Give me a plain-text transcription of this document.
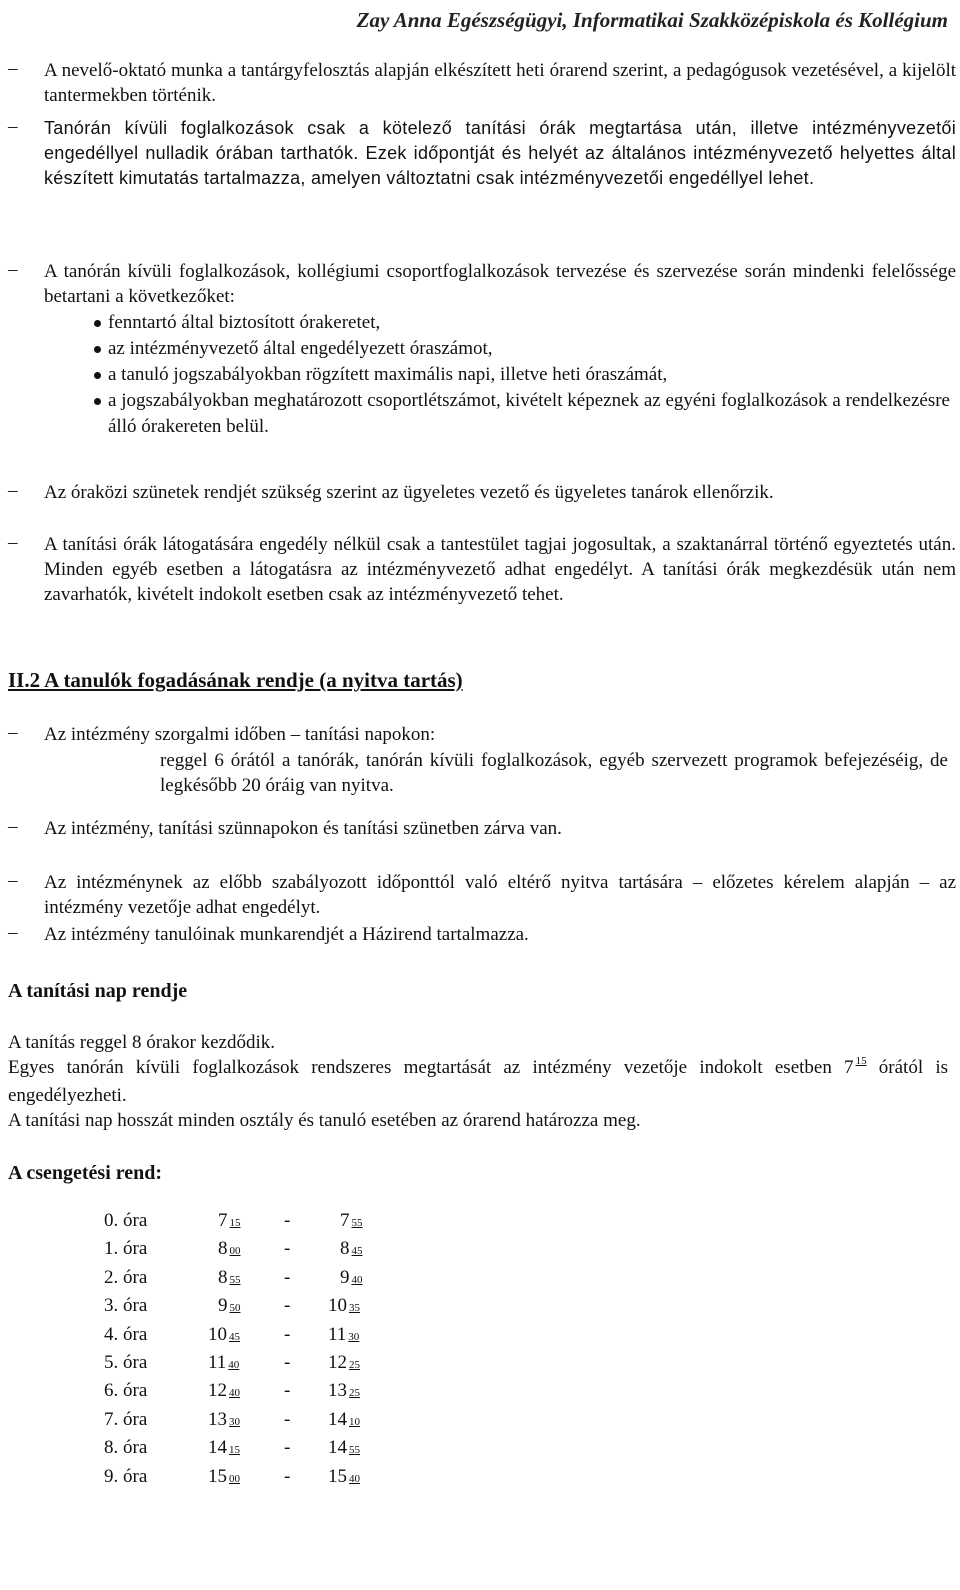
Zay Anna Egészségügyi, Informatikai Szakközépiskola és Kollégium
–	A nevelő-oktató munka a tantárgyfelosztás alapján elkészített heti órarend szerint, a pedagógusok vezetésével, a kijelölt tantermekben történik.
–	Tanórán kívüli foglalkozások csak a kötelező tanítási órák megtartása után, illetve intézményvezetői engedéllyel nulladik órában tarthatók. Ezek időpontját és helyét az általános intézményvezető helyettes által készített kimutatás tartalmazza, amelyen változtatni csak intézményvezetői engedéllyel lehet.
–	A tanórán kívüli foglalkozások, kollégiumi csoportfoglalkozások tervezése és szervezése során mindenki felelőssége betartani a következőket:
fenntartó által biztosított órakeretet,
az intézményvezető által engedélyezett óraszámot,
a tanuló jogszabályokban rögzített maximális napi, illetve heti óraszámát,
a jogszabályokban meghatározott csoportlétszámot, kivételt képeznek az egyéni foglalkozások a rendelkezésre álló órakereten belül.
–	Az óraközi szünetek rendjét szükség szerint az ügyeletes vezető és ügyeletes tanárok ellenőrzik.
–	A tanítási órák látogatására engedély nélkül csak a tantestület tagjai jogosultak, a szaktanárral történő egyeztetés után. Minden egyéb esetben a látogatásra az intézményvezető adhat engedélyt. A tanítási órák megkezdésük után nem zavarhatók, kivételt indokolt esetben csak az intézményvezető tehet.
II.2 A tanulók fogadásának rendje (a nyitva tartás)
–	Az intézmény szorgalmi időben – tanítási napokon:
reggel 6 órától a tanórák, tanórán kívüli foglalkozások, egyéb szervezett programok befejezéséig, de legkésőbb 20 óráig van nyitva.
–	Az intézmény, tanítási szünnapokon és tanítási szünetben zárva van.
–	Az intézménynek az előbb szabályozott időponttól való eltérő nyitva tartására – előzetes kérelem alapján – az intézmény vezetője adhat engedélyt.
–	Az intézmény tanulóinak munkarendjét a Házirend tartalmazza.
A tanítási nap rendje
A tanítás reggel 8 órakor kezdődik.
Egyes tanórán kívüli foglalkozások rendszeres megtartását az intézmény vezetője indokolt esetben 7 $^{15}$ órától is engedélyezheti.
A tanítási nap hosszát minden osztály és tanuló esetében az órarend határozza meg.
A csengetési rend:
0. óra	7 15 -	7 55
1. óra	8 00 -	8 45
2. óra	8 55 -	9 40
3. óra	9 50 - 10 35
4. óra	10 45 - 11 30
5. óra	11 40 - 12 25
6. óra	12 40 - 13 25
7. óra	13 30 - 14 10
8. óra	14 15 - 14 55
9. óra	15 00 - 15 40
